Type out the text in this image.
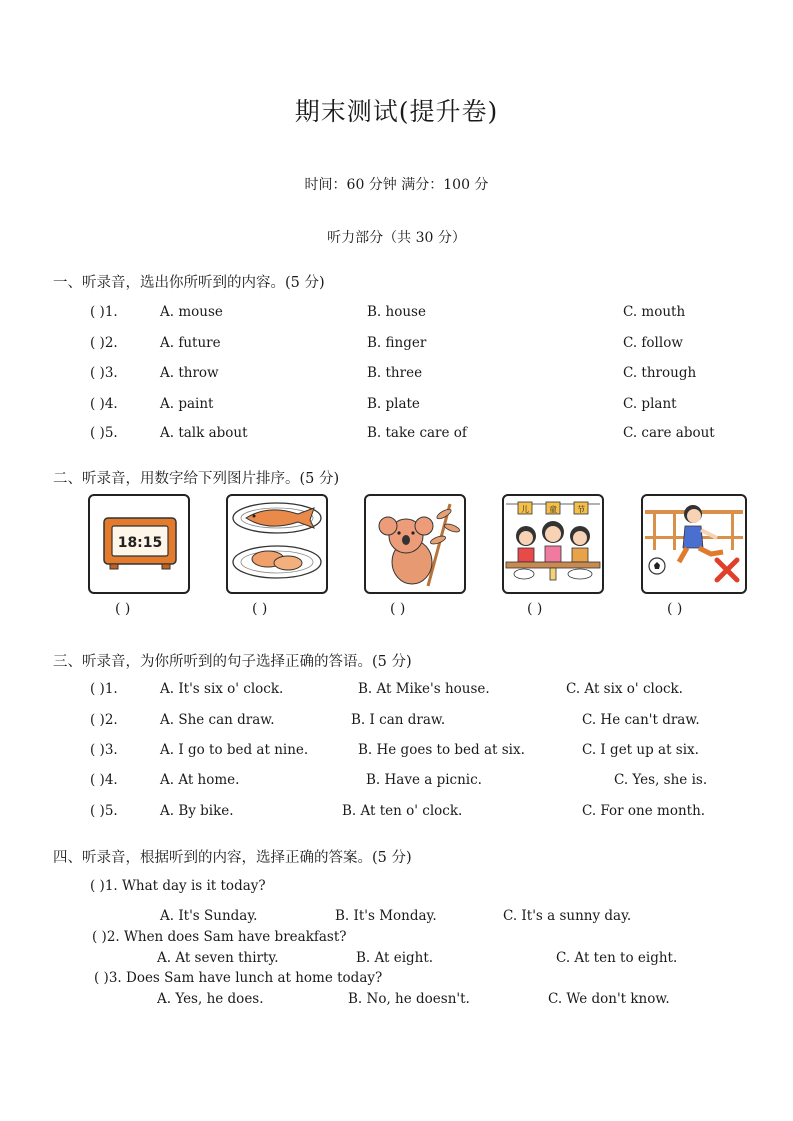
期末测试(提升卷)
时间：60 分钟 满分：100 分
听力部分（共 30 分）
一、听录音，选出你所听到的内容。(5 分)
( )1.	A. mouse	B. house	C. mouth
( )2.	A. future	B. finger	C. follow
( )3.	A. throw	B. three	C. through
( )4.	A. paint	B. plate	C. plant
( )5.	A. talk about	B. take care of	C. care about
二、听录音，用数字给下列图片排序。(5 分)
18:15
儿	童	节
( )	( )	( )	( )	( )
三、听录音，为你所听到的句子选择正确的答语。(5 分)
( )1.	A. It's six o' clock.	B. At Mike's house.	C. At six o' clock.
( )2.	A. She can draw.	B. I can draw.	C. He can't draw.
( )3.	A. I go to bed at nine.	B. He goes to bed at six.	C. I get up at six.
( )4.	A. At home.	B. Have a picnic.	C. Yes, she is.
( )5.	A. By bike.	B. At ten o' clock.	C. For one month.
四、听录音，根据听到的内容，选择正确的答案。(5 分)
( )1. What day is it today?
A. It's Sunday.	B. It's Monday.	C. It's a sunny day.
( )2. When does Sam have breakfast?
A. At seven thirty.	B. At eight.	C. At ten to eight.
( )3. Does Sam have lunch at home today?
A. Yes, he does.	B. No, he doesn't.	C. We don't know.
